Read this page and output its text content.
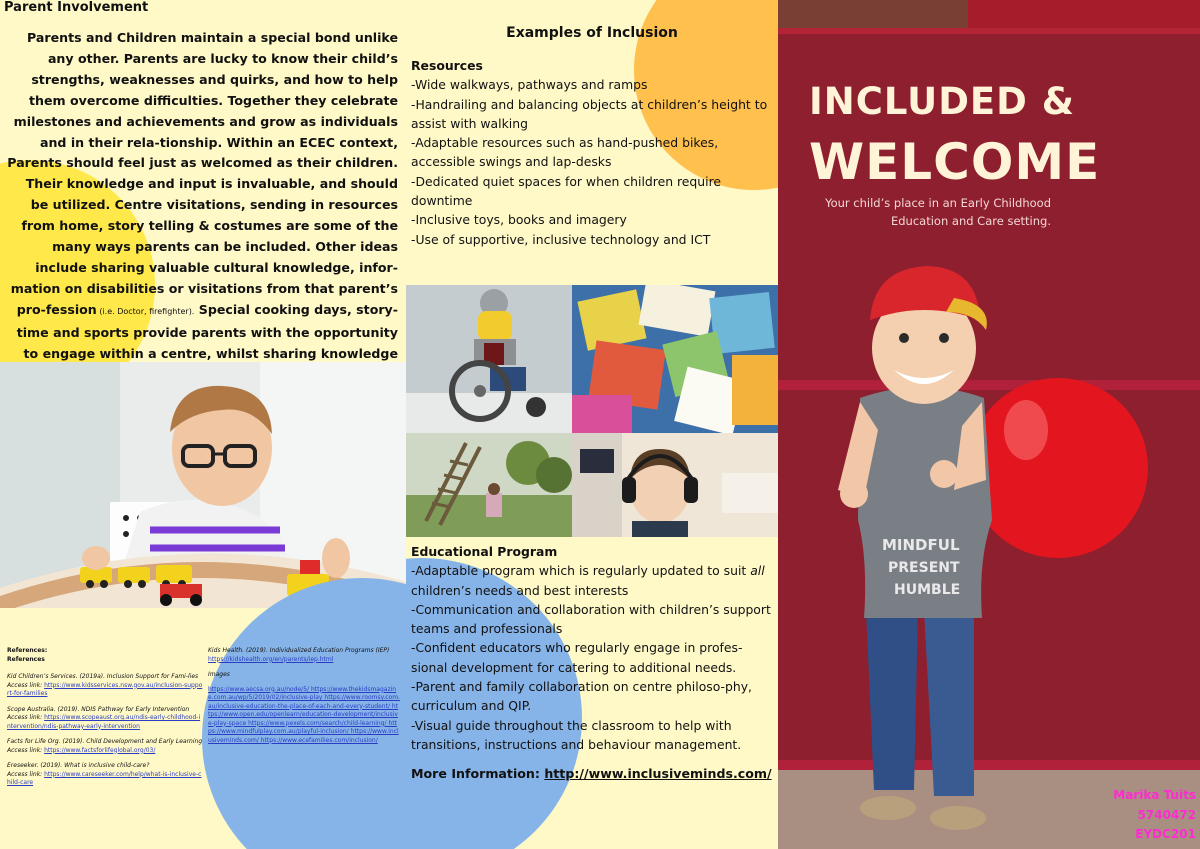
Parent Involvement

Parents and Children maintain a special bond unlike any other. Parents are lucky to know their child’s strengths, weaknesses and quirks, and how to help them overcome difficulties. Together they celebrate milestones and achievements and grow as individuals and in their rela-tionship. Within an ECEC context, Parents should feel just as welcomed as their children. Their knowledge and input is invaluable, and should be utilized. Centre visitations, sending in resources from home, story telling & costumes are some of the many ways parents can be included. Other ideas include sharing valuable cultural knowledge, infor-mation on disabilities or visitations from that parent’s pro-fession (i.e. Doctor, firefighter). Special cooking days, story-time and sports provide parents with the opportunity to engage within a centre, whilst sharing knowledge

References:
References
Kid Children’s Services. (2019a). Inclusion Support for Fami-lies
Access link: https://www.kidsservices.nsw.gov.au/inclusion-support-for-families
Scope Australia. (2019). NDIS Pathway for Early Intervention
Access link: https://www.scopeaust.org.au/ndis-early-childhood-intervention/ndis-pathway-early-intervention
Facts for Life Org. (2019). Child Development and Early Learning
Access link: https://www.factsforlifeglobal.org/03/
Ereseeker. (2019). What is inclusive child-care?
Access link: https://www.careseeker.com/help/what-is-inclusive-child-care
Kids Health. (2019). Individualized Education Programs (IEP)
https://kidshealth.org/en/parents/iep.html
Images
https://www.aecsa.org.au/node/5/ https://www.thekidsmagazine.com.au/wp/5/2019/02/inclusive-play https://www.roomsy.com.au/inclusive-education-the-place-of-each-and-every-student/ https://www.open.edu/openlearn/education-development/inclusive-play-space https://www.pexels.com/search/child-learning/ https://www.mindfulplay.com.au/playful-inclusion/ https://www.inclusiveminds.com/ https://www.ecefamilies.com/inclusion/
Examples of Inclusion
Resources
-Wide walkways, pathways and ramps
-Handrailing and balancing objects at children’s height to assist with walking
-Adaptable resources such as hand-pushed bikes, accessible swings and lap-desks
-Dedicated quiet spaces for when children require downtime
-Inclusive toys, books and imagery
-Use of supportive, inclusive technology and ICT
Educational Program
-Adaptable program which is regularly updated to suit all children’s needs and best interests
-Communication and collaboration with children’s support teams and professionals
-Confident educators who regularly engage in profes-sional development for catering to additional needs.
-Parent and family collaboration on centre philoso-phy, curriculum and QIP.
-Visual guide throughout the classroom to help with transitions, instructions and behaviour management.
More Information: http://www.inclusiveminds.com/
MINDFUL
PRESENT
HUMBLE
INCLUDED &
WELCOME
Your child’s place in an Early Childhood
Education and Care setting.
Marika Tuits
5740472
EYDC201
